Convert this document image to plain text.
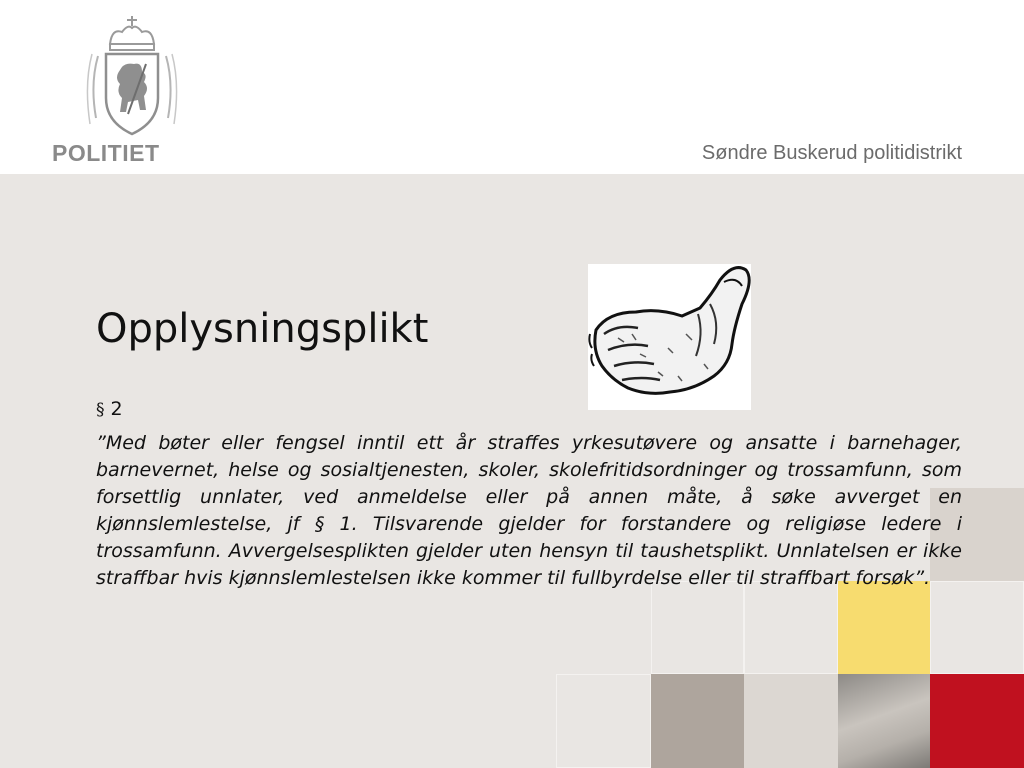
POLITIET	Søndre Buskerud politidistrikt
Opplysningsplikt
§ 2

”Med bøter eller fengsel inntil ett år straffes yrkesutøvere og ansatte i barnehager, barnevernet, helse og sosialtjenesten, skoler, skolefritidsordninger og trossamfunn, som forsettlig unnlater, ved anmeldelse eller på annen måte, å søke avverget en kjønnslemlestelse, jf § 1. Tilsvarende gjelder for forstandere og religiøse ledere i trossamfunn. Avvergelsesplikten gjelder uten hensyn til taushetsplikt. Unnlatelsen er ikke straffbar hvis kjønnslemlestelsen ikke kommer til fullbyrdelse eller til straffbart forsøk”.
